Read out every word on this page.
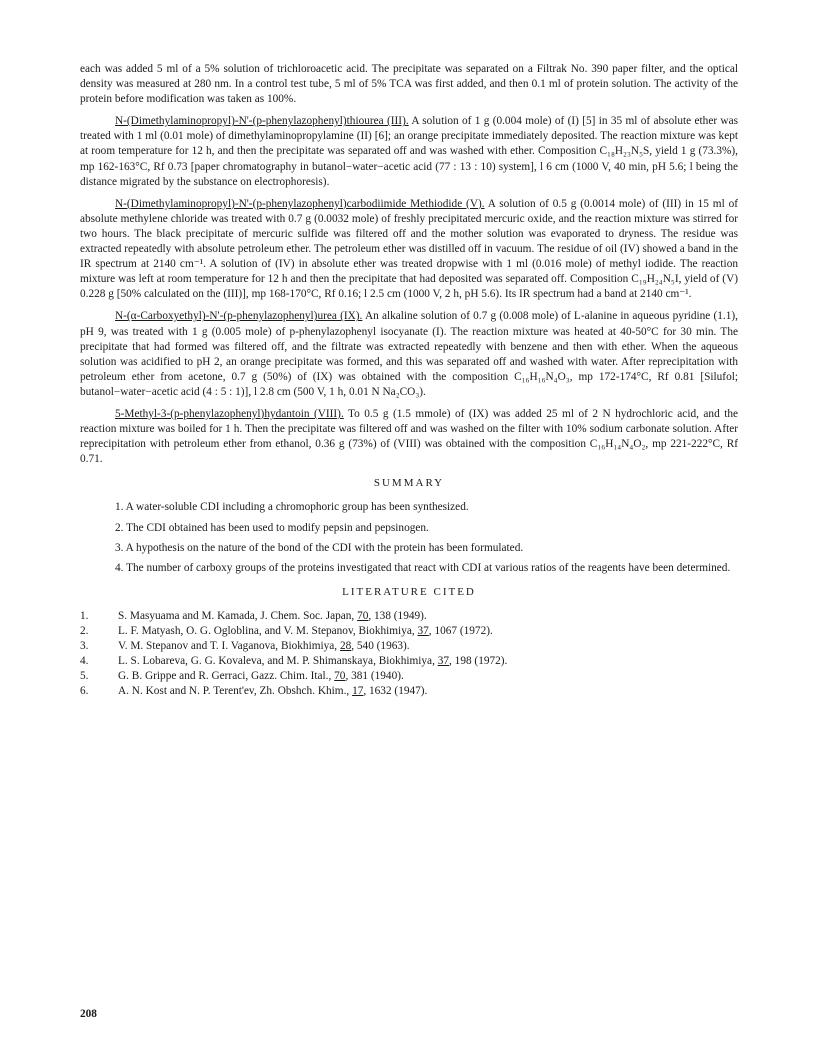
each was added 5 ml of a 5% solution of trichloroacetic acid. The precipitate was separated on a Filtrak No. 390 paper filter, and the optical density was measured at 280 nm. In a control test tube, 5 ml of 5% TCA was first added, and then 0.1 ml of protein solution. The activity of the protein before modification was taken as 100%.

N-(Dimethylaminopropyl)-N'-(p-phenylazophenyl)thiourea (III). A solution of 1 g (0.004 mole) of (I) [5] in 35 ml of absolute ether was treated with 1 ml (0.01 mole) of dimethylaminopropylamine (II) [6]; an orange precipitate immediately deposited. The reaction mixture was kept at room temperature for 12 h, and then the precipitate was separated off and was washed with ether. Composition C₁₈H₂₃N₅S, yield 1 g (73.3%), mp 162-163°C, Rf 0.73 [paper chromatography in butanol−water−acetic acid (77 : 13 : 10) system], l 6 cm (1000 V, 40 min, pH 5.6; l being the distance migrated by the substance on electrophoresis).

N-(Dimethylaminopropyl)-N'-(p-phenylazophenyl)carbodiimide Methiodide (V). A solution of 0.5 g (0.0014 mole) of (III) in 15 ml of absolute methylene chloride was treated with 0.7 g (0.0032 mole) of freshly precipitated mercuric oxide, and the reaction mixture was stirred for two hours. The black precipitate of mercuric sulfide was filtered off and the mother solution was evaporated to dryness. The residue was extracted repeatedly with absolute petroleum ether. The petroleum ether was distilled off in vacuum. The residue of oil (IV) showed a band in the IR spectrum at 2140 cm⁻¹. A solution of (IV) in absolute ether was treated dropwise with 1 ml (0.016 mole) of methyl iodide. The reaction mixture was left at room temperature for 12 h and then the precipitate that had deposited was separated off. Composition C₁₉H₂₄N₅I, yield of (V) 0.228 g [50% calculated on the (III)], mp 168-170°C, Rf 0.16; l 2.5 cm (1000 V, 2 h, pH 5.6). Its IR spectrum had a band at 2140 cm⁻¹.

N-(α-Carboxyethyl)-N'-(p-phenylazophenyl)urea (IX). An alkaline solution of 0.7 g (0.008 mole) of L-alanine in aqueous pyridine (1.1), pH 9, was treated with 1 g (0.005 mole) of p-phenylazophenyl isocyanate (I). The reaction mixture was heated at 40-50°C for 30 min. The precipitate that had formed was filtered off, and the filtrate was extracted repeatedly with benzene and then with ether. When the aqueous solution was acidified to pH 2, an orange precipitate was formed, and this was separated off and washed with water. After reprecipitation with petroleum ether from acetone, 0.7 g (50%) of (IX) was obtained with the composition C₁₆H₁₆N₄O₃, mp 172-174°C, Rf 0.81 [Silufol; butanol−water−acetic acid (4 : 5 : 1)], l 2.8 cm (500 V, 1 h, 0.01 N Na₂CO₃).

5-Methyl-3-(p-phenylazophenyl)hydantoin (VIII). To 0.5 g (1.5 mmole) of (IX) was added 25 ml of 2 N hydrochloric acid, and the reaction mixture was boiled for 1 h. Then the precipitate was filtered off and was washed on the filter with 10% sodium carbonate solution. After reprecipitation with petroleum ether from ethanol, 0.36 g (73%) of (VIII) was obtained with the composition C₁₆H₁₄N₄O₂, mp 221-222°C, Rf 0.71.

SUMMARY

1. A water-soluble CDI including a chromophoric group has been synthesized.

2. The CDI obtained has been used to modify pepsin and pepsinogen.

3. A hypothesis on the nature of the bond of the CDI with the protein has been formulated.

4. The number of carboxy groups of the proteins investigated that react with CDI at various ratios of the reagents have been determined.

LITERATURE CITED
1.	S. Masyuama and M. Kamada, J. Chem. Soc. Japan, 70, 138 (1949).
2.	L. F. Matyash, O. G. Ogloblina, and V. M. Stepanov, Biokhimiya, 37, 1067 (1972).
3.	V. M. Stepanov and T. I. Vaganova, Biokhimiya, 28, 540 (1963).
4.	L. S. Lobareva, G. G. Kovaleva, and M. P. Shimanskaya, Biokhimiya, 37, 198 (1972).
5.	G. B. Grippe and R. Gerraci, Gazz. Chim. Ital., 70, 381 (1940).
6.	A. N. Kost and N. P. Terent'ev, Zh. Obshch. Khim., 17, 1632 (1947).
208
